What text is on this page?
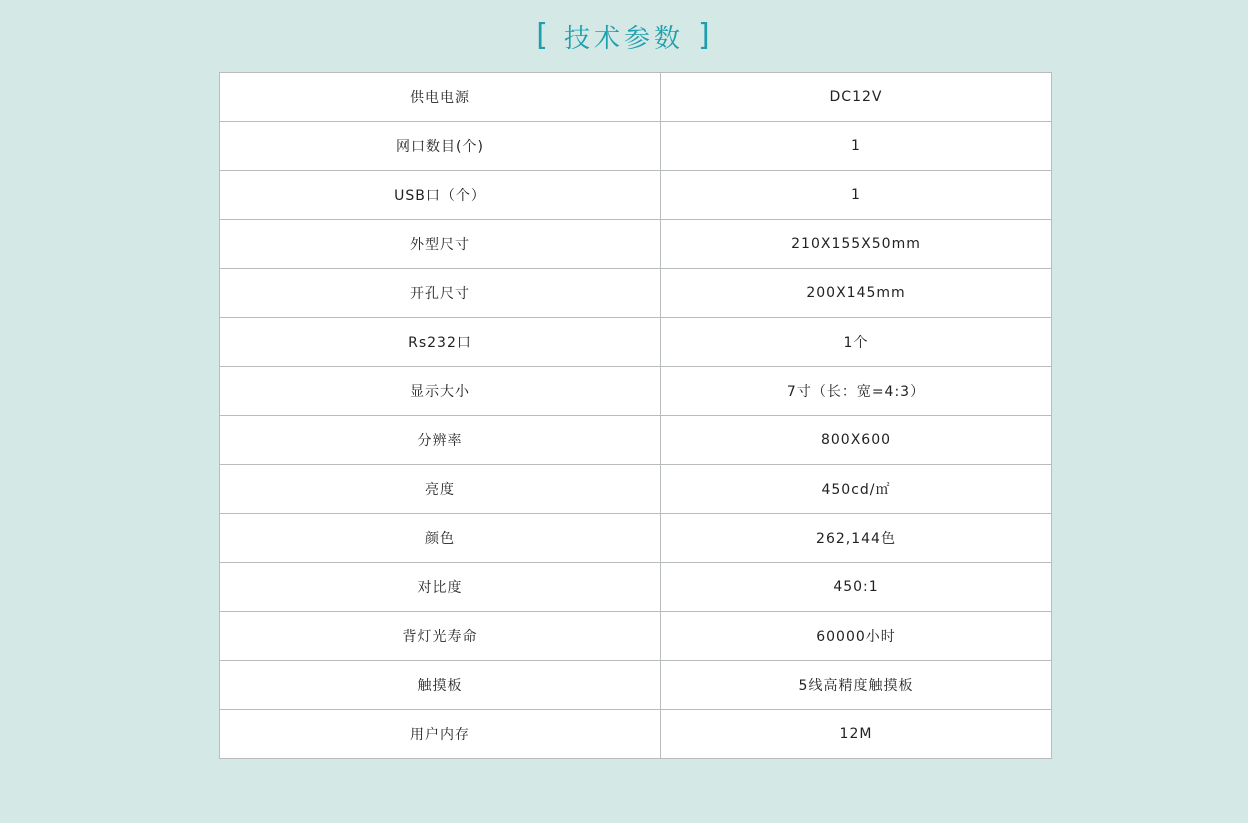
[ 技术参数 ]
供电电源	DC12V
网口数目(个)	1
USB口（个）	1
外型尺寸	210X155X50mm
开孔尺寸	200X145mm
Rs232口	1个
显示大小	7寸（长：宽=4:3）
分辨率	800X600
亮度	450cd/㎡
颜色	262,144色
对比度	450:1
背灯光寿命	60000小时
触摸板	5线高精度触摸板
用户内存	12M
